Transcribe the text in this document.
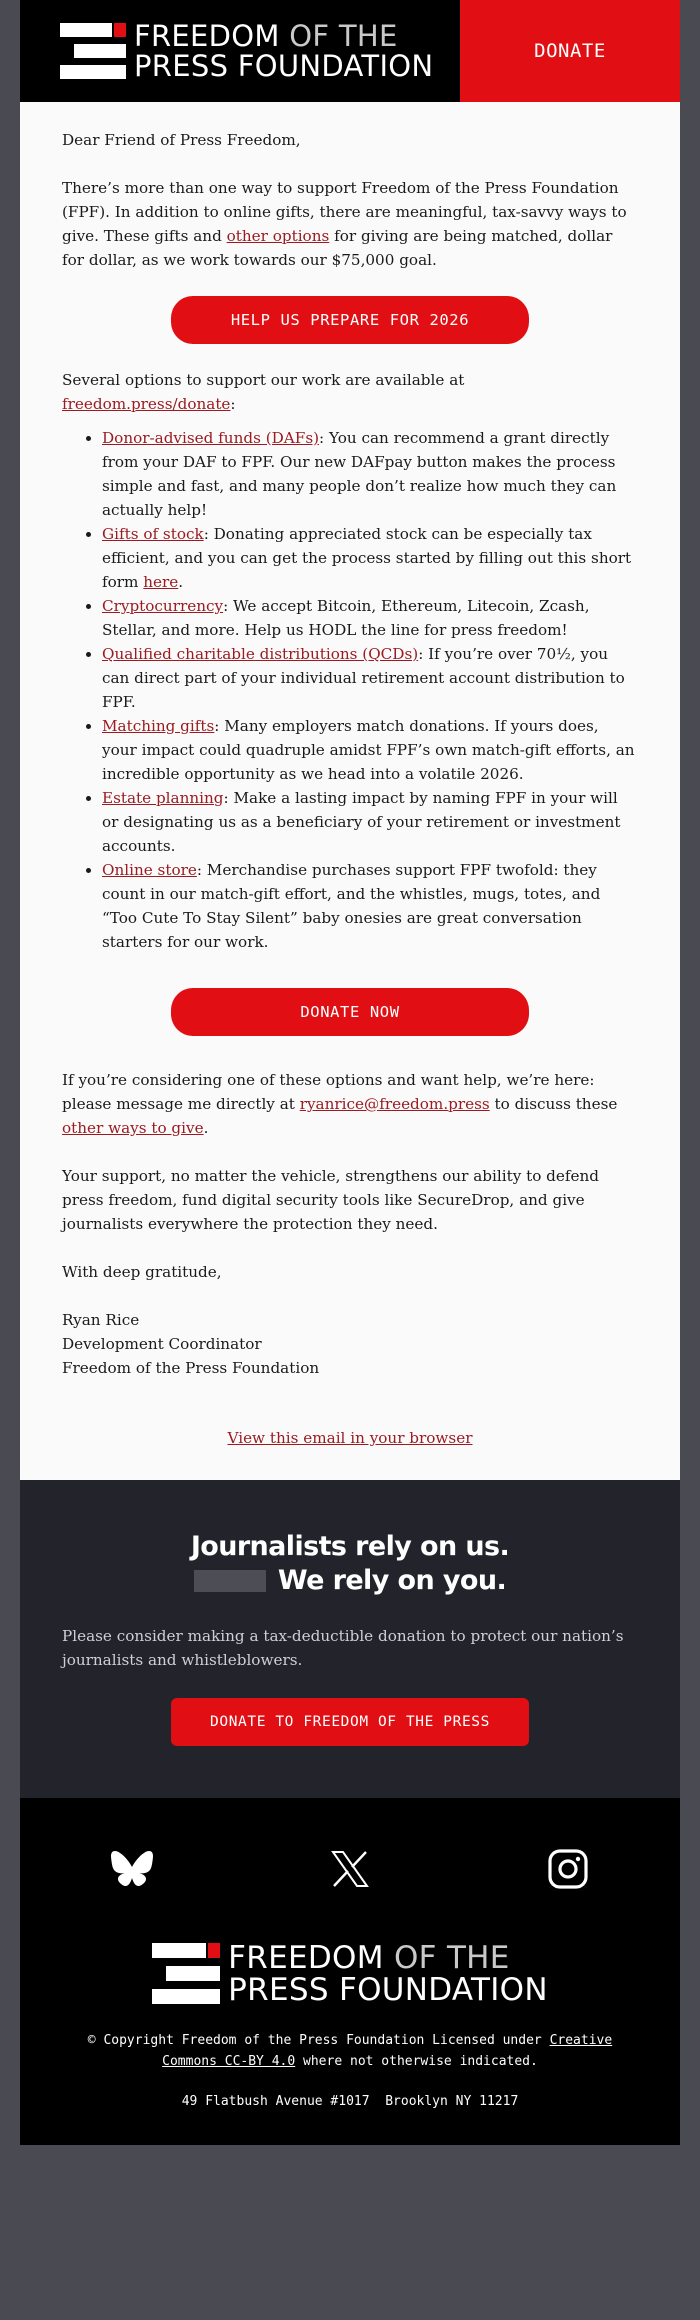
FREEDOM OF THE
PRESS FOUNDATION	DONATE

Dear Friend of Press Freedom,

There’s more than one way to support Freedom of the Press Foundation (FPF). In addition to online gifts, there are meaningful, tax-savvy ways to give. These gifts and other options for giving are being matched, dollar for dollar, as we work towards our $75,000 goal.

HELP US PREPARE FOR 2026

Several options to support our work are available at freedom.press/donate:

• Donor-advised funds (DAFs): You can recommend a grant directly from your DAF to FPF. Our new DAFpay button makes the process simple and fast, and many people don’t realize how much they can actually help!
• Gifts of stock: Donating appreciated stock can be especially tax efficient, and you can get the process started by filling out this short form here.
• Cryptocurrency: We accept Bitcoin, Ethereum, Litecoin, Zcash, Stellar, and more. Help us HODL the line for press freedom!
• Qualified charitable distributions (QCDs): If you’re over 70½, you can direct part of your individual retirement account distribution to FPF.
• Matching gifts: Many employers match donations. If yours does, your impact could quadruple amidst FPF’s own match-gift efforts, an incredible opportunity as we head into a volatile 2026.
• Estate planning: Make a lasting impact by naming FPF in your will or designating us as a beneficiary of your retirement or investment accounts.
• Online store: Merchandise purchases support FPF twofold: they count in our match-gift effort, and the whistles, mugs, totes, and “Too Cute To Stay Silent” baby onesies are great conversation starters for our work.
DONATE NOW

If you’re considering one of these options and want help, we’re here: please message me directly at ryanrice@freedom.press to discuss these other ways to give.

Your support, no matter the vehicle, strengthens our ability to defend press freedom, fund digital security tools like SecureDrop, and give journalists everywhere the protection they need.

With deep gratitude,

Ryan Rice
Development Coordinator
Freedom of the Press Foundation
View this email in your browser
Journalists rely on us.
We rely on you.

Please consider making a tax-deductible donation to protect our nation’s journalists and whistleblowers.

DONATE TO FREEDOM OF THE PRESS
FREEDOM OF THE
PRESS FOUNDATION
© Copyright Freedom of the Press Foundation Licensed under Creative Commons CC-BY 4.0 where not otherwise indicated.
49 Flatbush Avenue #1017  Brooklyn NY 11217
